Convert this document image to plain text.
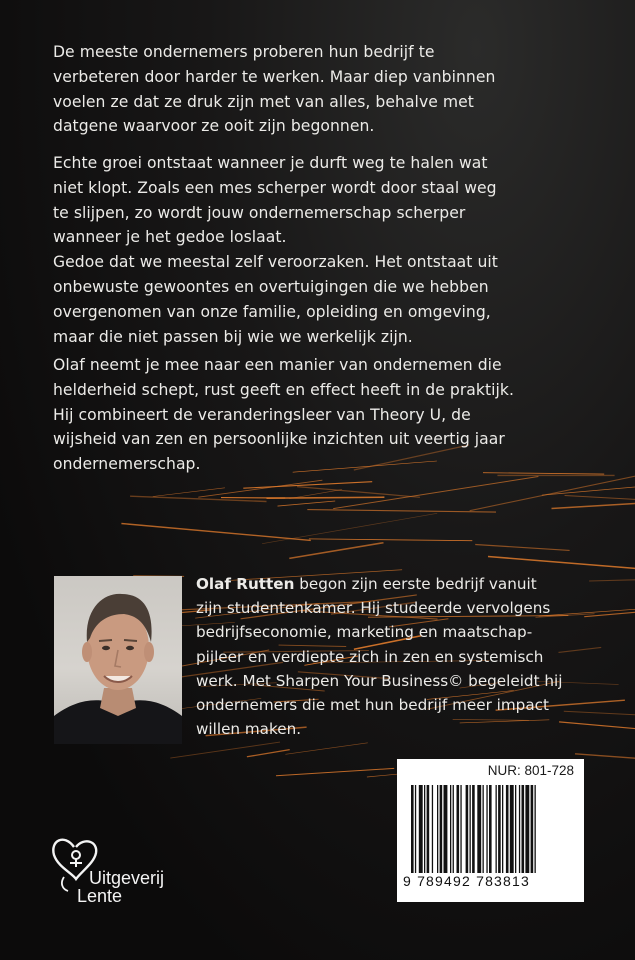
De meeste ondernemers proberen hun bedrijf te
verbeteren door harder te werken. Maar diep vanbinnen
voelen ze dat ze druk zijn met van alles, behalve met
datgene waarvoor ze ooit zijn begonnen.

Echte groei ontstaat wanneer je durft weg te halen wat
niet klopt. Zoals een mes scherper wordt door staal weg
te slijpen, zo wordt jouw ondernemerschap scherper
wanneer je het gedoe loslaat.
Gedoe dat we meestal zelf veroorzaken. Het ontstaat uit
onbewuste gewoontes en overtuigingen die we hebben
overgenomen van onze familie, opleiding en omgeving,
maar die niet passen bij wie we werkelijk zijn.

Olaf neemt je mee naar een manier van ondernemen die
helderheid schept, rust geeft en effect heeft in de praktijk.
Hij combineert de veranderingsleer van Theory U, de
wijsheid van zen en persoonlijke inzichten uit veertig jaar
ondernemerschap.

Olaf Rutten begon zijn eerste bedrijf vanuit
zijn studentenkamer. Hij studeerde vervolgens
bedrijfseconomie, marketing en maatschap-
pijleer en verdiepte zich in zen en systemisch
werk. Met Sharpen Your Business© begeleidt hij
ondernemers die met hun bedrijf meer impact
willen maken.

NUR: 801-728
9 789492 783813
Uitgeverij
Lente
